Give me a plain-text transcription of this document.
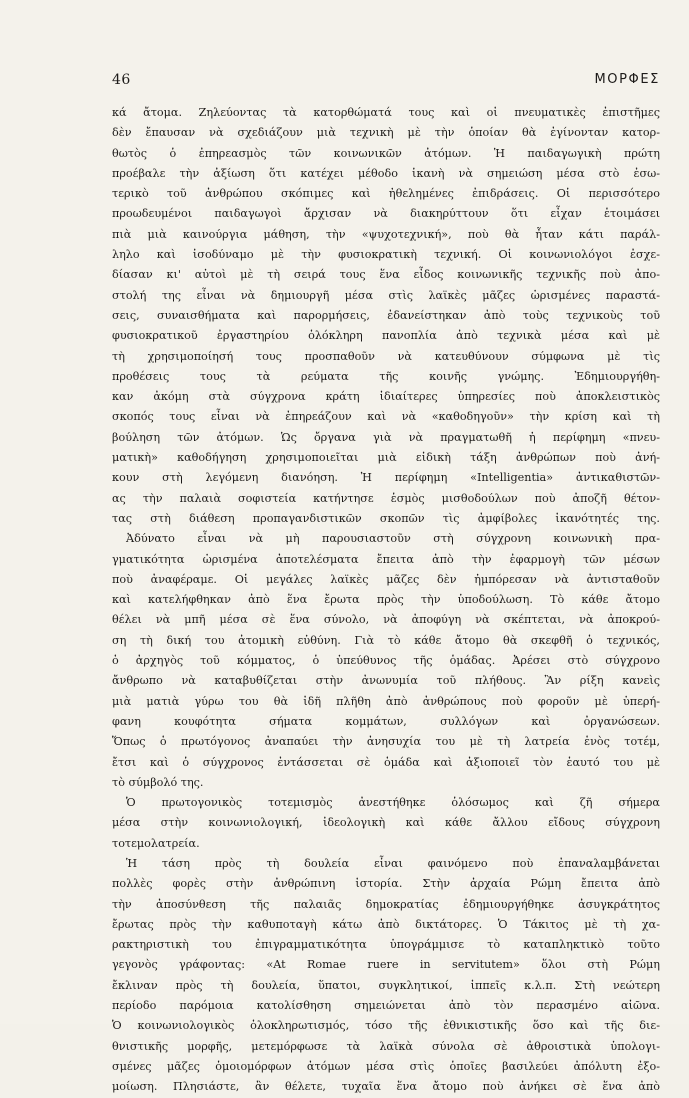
46	ΜΟΡΦΕΣ
κά ἄτομα. Ζηλεύοντας τὰ κατορθώματά τους καὶ οἱ πνευματικὲς ἐπιστῆμες
δὲν ἔπαυσαν νὰ σχεδιάζουν μιὰ τεχνικὴ μὲ τὴν ὁποίαν θὰ ἐγίνονταν κατορ-
θωτὸς ὁ ἐπηρεασμὸς τῶν κοινωνικῶν ἀτόμων. Ἡ παιδαγωγικὴ πρώτη
προέβαλε τὴν ἀξίωση ὅτι κατέχει μέθοδο ἱκανὴ νὰ σημειώση μέσα στὸ ἐσω-
τερικὸ τοῦ ἀνθρώπου σκόπιμες καὶ ἠθελημένες ἐπιδράσεις. Οἱ περισσότερο
προωδευμένοι παιδαγωγοὶ ἄρχισαν νὰ διακηρύττουν ὅτι εἶχαν ἑτοιμάσει
πιὰ μιὰ καινούργια μάθηση, τὴν «ψυχοτεχνική», ποὺ θὰ ἦταν κάτι παράλ-
ληλο καὶ ἰσοδύναμο μὲ τὴν φυσιοκρατικὴ τεχνική. Οἱ κοινωνιολόγοι ἐσχε-
δίασαν κι' αὐτοὶ μὲ τὴ σειρά τους ἕνα εἶδος κοινωνικῆς τεχνικῆς ποὺ ἀπο-
στολή της εἶναι νὰ δημιουργῆ μέσα στὶς λαϊκὲς μᾶζες ὡρισμένες παραστά-
σεις, συναισθήματα καὶ παρορμήσεις, ἐδανείστηκαν ἀπὸ τοὺς τεχνικοὺς τοῦ
φυσιοκρατικοῦ ἐργαστηρίου ὁλόκληρη πανοπλία ἀπὸ τεχνικὰ μέσα καὶ μὲ
τὴ χρησιμοποίησή τους προσπαθοῦν νὰ κατευθύνουν σύμφωνα μὲ τὶς
προθέσεις τους τὰ ρεύματα τῆς κοινῆς γνώμης. Ἐδημιουργήθη-
καν ἀκόμη στὰ σύγχρονα κράτη ἰδιαίτερες ὑπηρεσίες ποὺ ἀποκλειστικὸς
σκοπός τους εἶναι νὰ ἐπηρεάζουν καὶ νὰ «καθοδηγοῦν» τὴν κρίση καὶ τὴ
βούληση τῶν ἀτόμων. Ὡς ὄργανα γιὰ νὰ πραγματωθῆ ἡ περίφημη «πνευ-
ματικὴ» καθοδήγηση χρησιμοποιεῖται μιὰ εἰδικὴ τάξη ἀνθρώπων ποὺ ἀνή-
κουν στὴ λεγόμενη διανόηση. Ἡ περίφημη «Intelligentia» ἀντικαθιστῶν-
ας τὴν παλαιὰ σοφιστεία κατήντησε ἑσμὸς μισθοδούλων ποὺ ἀποζῆ θέτον-
τας στὴ διάθεση προπαγανδιστικῶν σκοπῶν τὶς ἀμφίβολες ἱκανότητές της.
Ἀδύνατο εἶναι νὰ μὴ παρουσιαστοῦν στὴ σύγχρονη κοινωνικὴ πρα-
γματικότητα ὡρισμένα ἀποτελέσματα ἔπειτα ἀπὸ τὴν ἐφαρμογὴ τῶν μέσων
ποὺ ἀναφέραμε. Οἱ μεγάλες λαϊκὲς μᾶζες δὲν ἠμπόρεσαν νὰ ἀντισταθοῦν
καὶ κατελήφθηκαν ἀπὸ ἕνα ἔρωτα πρὸς τὴν ὑποδούλωση. Τὸ κάθε ἄτομο
θέλει νὰ μπῆ μέσα σὲ ἕνα σύνολο, νὰ ἀποφύγη νὰ σκέπτεται, νὰ ἀποκρού-
ση τὴ δική του ἀτομικὴ εὐθύνη. Γιὰ τὸ κάθε ἄτομο θὰ σκεφθῆ ὁ τεχνικός,
ὁ ἀρχηγὸς τοῦ κόμματος, ὁ ὑπεύθυνος τῆς ὁμάδας. Ἀρέσει στὸ σύγχρονο
ἄνθρωπο νὰ καταβυθίζεται στὴν ἀνωνυμία τοῦ πλήθους. Ἂν ρίξη κανεὶς
μιὰ ματιὰ γύρω του θὰ ἰδῆ πλῆθη ἀπὸ ἀνθρώπους ποὺ φοροῦν μὲ ὑπερή-
φανη κουφότητα σήματα κομμάτων, συλλόγων καὶ ὀργανώσεων.
Ὅπως ὁ πρωτόγονος ἀναπαύει τὴν ἀνησυχία του μὲ τὴ λατρεία ἑνὸς τοτέμ,
ἔτσι καὶ ὁ σύγχρονος ἐντάσσεται σὲ ὁμάδα καὶ ἀξιοποιεῖ τὸν ἑαυτό του μὲ
τὸ σύμβολό της.
Ὁ πρωτογονικὸς τοτεμισμὸς ἀνεστήθηκε ὁλόσωμος καὶ ζῆ σήμερα
μέσα στὴν κοινωνιολογική, ἰδεολογικὴ καὶ κάθε ἄλλου εἴδους σύγχρονη
τοτεμολατρεία.
Ἡ τάση πρὸς τὴ δουλεία εἶναι φαινόμενο ποὺ ἐπαναλαμβάνεται
πολλὲς φορὲς στὴν ἀνθρώπινη ἱστορία. Στὴν ἀρχαία Ρώμη ἔπειτα ἀπὸ
τὴν ἀποσύνθεση τῆς παλαιᾶς δημοκρατίας ἐδημιουργήθηκε ἀσυγκράτητος
ἔρωτας πρὸς τὴν καθυποταγὴ κάτω ἀπὸ δικτάτορες. Ὁ Τάκιτος μὲ τὴ χα-
ρακτηριστικὴ του ἐπιγραμματικότητα ὑπογράμμισε τὸ καταπληκτικὸ τοῦτο
γεγονὸς γράφοντας: «At Romae ruere in servitutem» ὅλοι στὴ Ρώμη
ἔκλιναν πρὸς τὴ δουλεία, ὕπατοι, συγκλητικοί, ἱππεῖς κ.λ.π. Στὴ νεώτερη
περίοδο παρόμοια κατολίσθηση σημειώνεται ἀπὸ τὸν περασμένο αἰῶνα.
Ὁ κοινωνιολογικὸς ὁλοκληρωτισμός, τόσο τῆς ἐθνικιστικῆς ὅσο καὶ τῆς διε-
θνιστικῆς μορφῆς, μετεμόρφωσε τὰ λαϊκὰ σύνολα σὲ ἀθροιστικὰ ὑπολογι-
σμένες μᾶζες ὁμοιομόρφων ἀτόμων μέσα στὶς ὁποῖες βασιλεύει ἀπόλυτη ἐξο-
μοίωση. Πλησιάστε, ἂν θέλετε, τυχαῖα ἕνα ἄτομο ποὺ ἀνήκει σὲ ἕνα ἀπὸ
